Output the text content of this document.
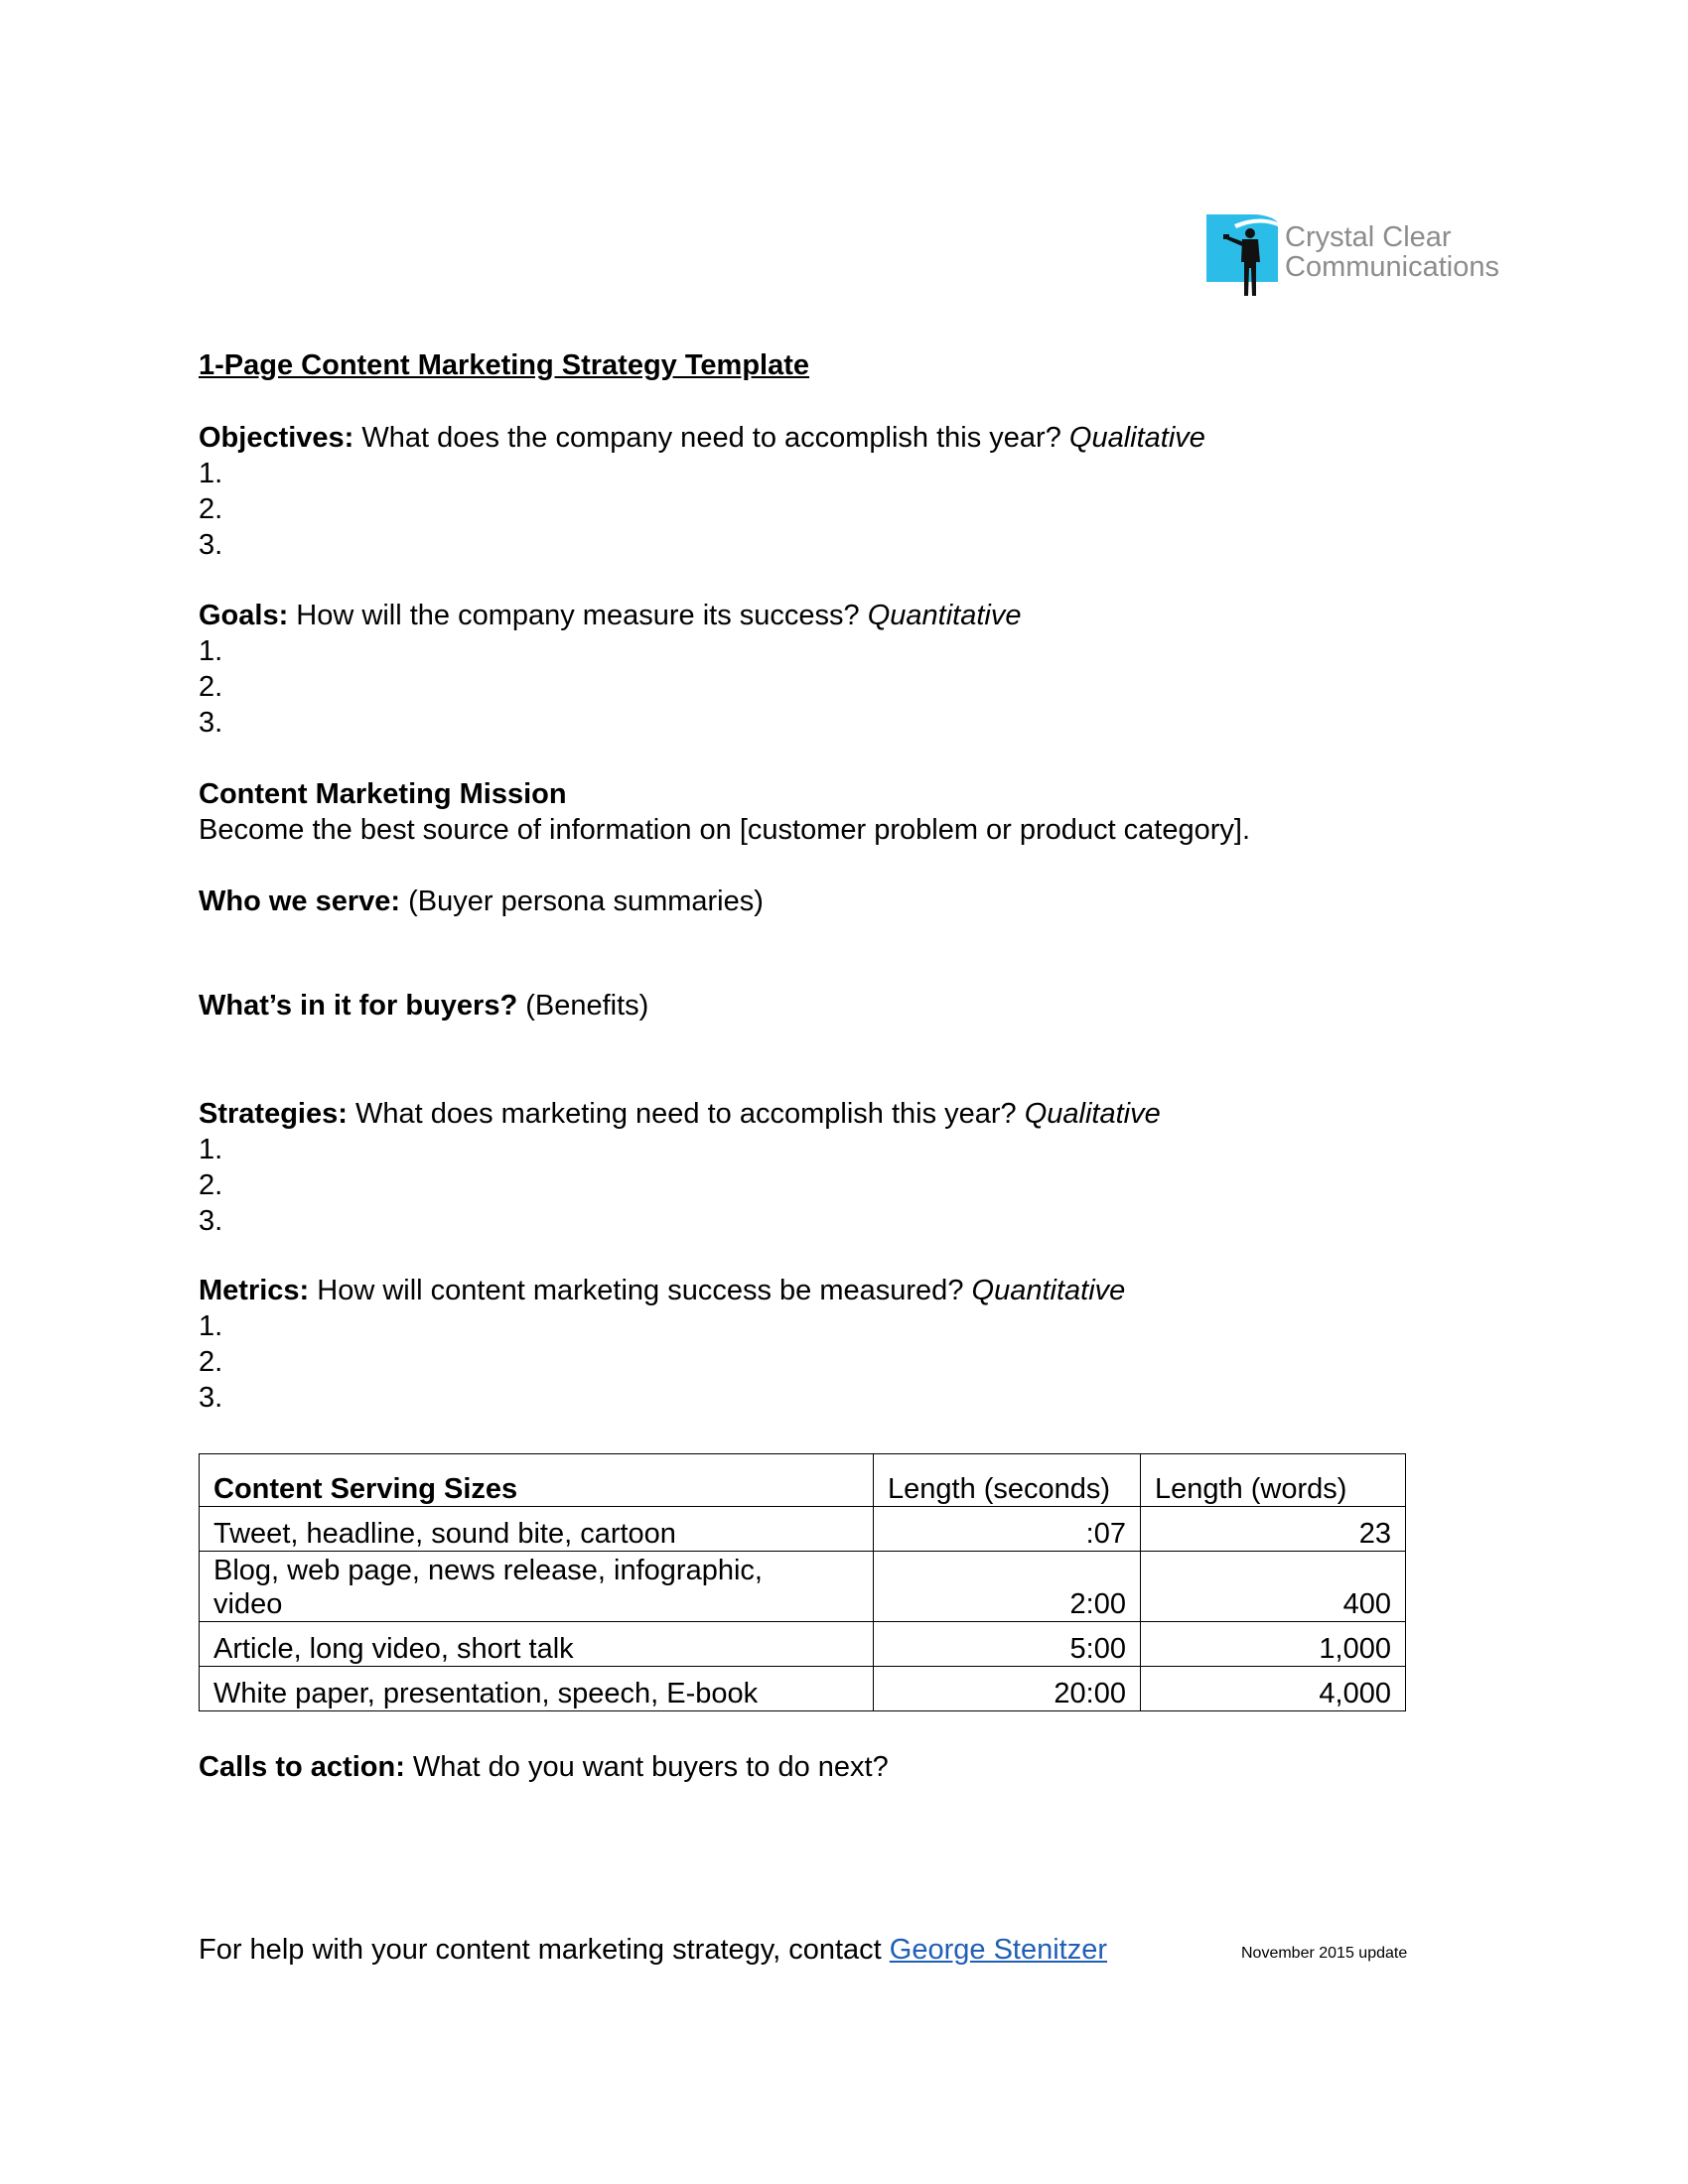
Crystal Clear
Communications
1-Page Content Marketing Strategy Template
Objectives: What does the company need to accomplish this year? Qualitative
1.
2.
3.
Goals: How will the company measure its success? Quantitative
1.
2.
3.
Content Marketing Mission
Become the best source of information on [customer problem or product category].
Who we serve: (Buyer persona summaries)
What’s in it for buyers? (Benefits)
Strategies: What does marketing need to accomplish this year? Qualitative
1.
2.
3.
Metrics: How will content marketing success be measured? Quantitative
1.
2.
3.
Calls to action: What do you want buyers to do next?
For help with your content marketing strategy, contact George Stenitzer
Content Serving Sizes	Length (seconds)	Length (words)
Tweet, headline, sound bite, cartoon	:07	23

Blog, web page, news release, infographic,
video	2:00	400
Article, long video, short talk	5:00	1,000
White paper, presentation, speech, E-book	20:00	4,000
November 2015 update
